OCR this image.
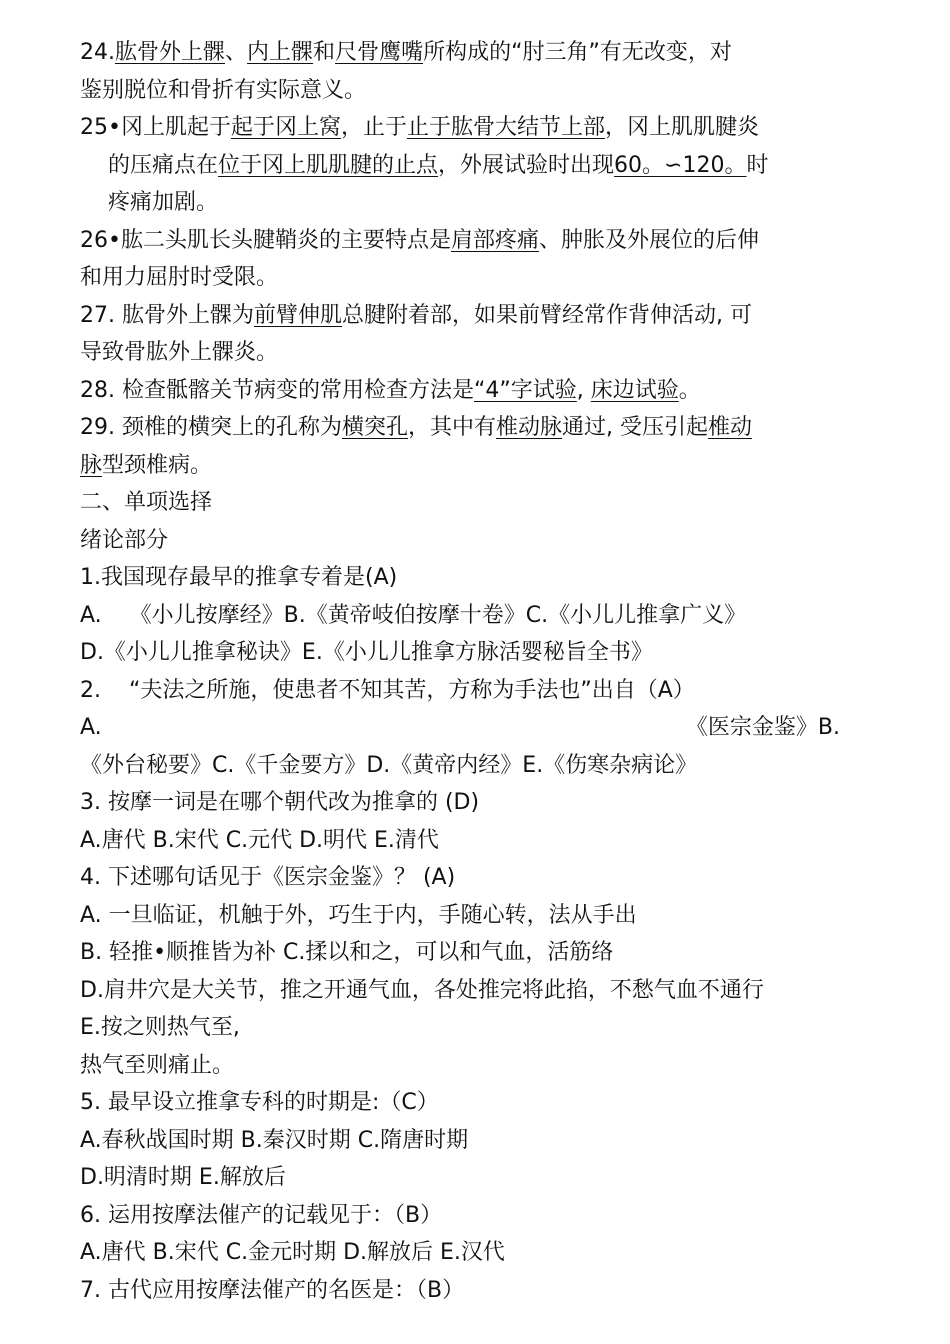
24.肱骨外上髁、内上髁和尺骨鹰嘴所构成的“肘三角”有无改变，对
鉴别脱位和骨折有实际意义。
25•冈上肌起于起于冈上窝，止于止于肱骨大结节上部，冈上肌肌腱炎
的压痛点在位于冈上肌肌腱的止点，外展试验时出现60。∽120。时
疼痛加剧。
26•肱二头肌长头腱鞘炎的主要特点是肩部疼痛、肿胀及外展位的后伸
和用力屈肘时受限。
27. 肱骨外上髁为前臂伸肌总腱附着部，如果前臂经常作背伸活动, 可
导致骨肱外上髁炎。
28. 检查骶髂关节病变的常用检查方法是“4”字试验, 床边试验。
29. 颈椎的横突上的孔称为横突孔，其中有椎动脉通过, 受压引起椎动
脉型颈椎病。
二、单项选择
绪论部分
1.我国现存最早的推拿专着是(A)
A.    《小儿按摩经》B.《黄帝岐伯按摩十卷》C.《小儿儿推拿广义》
D.《小儿儿推拿秘诀》E.《小儿儿推拿方脉活婴秘旨全书》
2.    “夫法之所施，使患者不知其苦，方称为手法也”出自（A）
A.	《医宗金鉴》B.
《外台秘要》C.《千金要方》D.《黄帝内经》E.《伤寒杂病论》
3. 按摩一词是在哪个朝代改为推拿的 (D)
A.唐代 B.宋代 C.元代 D.明代 E.清代
4. 下述哪句话见于《医宗金鉴》？ (A)
A. 一旦临证，机触于外，巧生于内，手随心转，法从手出
B. 轻推•顺推皆为补 C.揉以和之，可以和气血，活筋络
D.肩井穴是大关节，推之开通气血，各处推完将此掐，不愁气血不通行
E.按之则热气至,
热气至则痛止。
5. 最早设立推拿专科的时期是:（C）
A.春秋战国时期 B.秦汉时期 C.隋唐时期
D.明清时期 E.解放后
6. 运用按摩法催产的记载见于：（B）
A.唐代 B.宋代 C.金元时期 D.解放后 E.汉代
7. 古代应用按摩法催产的名医是：（B）
